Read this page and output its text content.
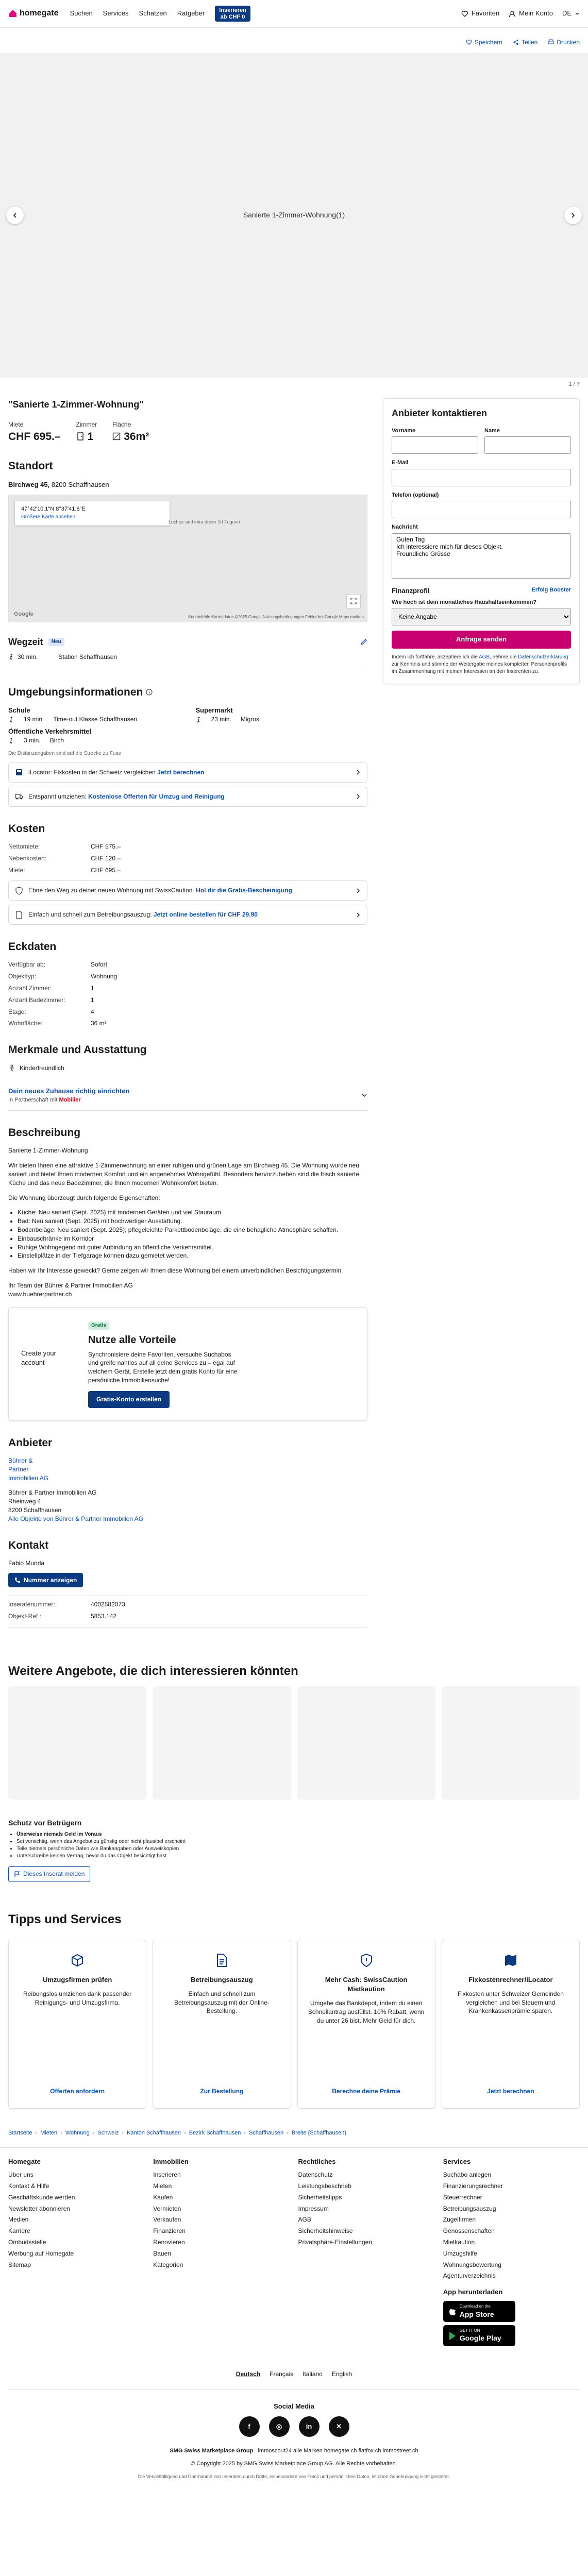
homegate Suchen Services Schätzen Ratgeber	Inserieren
ab CHF 0	Favoriten	Mein Konto DE
Speichern	Teilen	Drucken
Sanierte 1-Zimmer-Wohnung(1)
1 / 7
"Sanierte 1-Zimmer-Wohnung"
Miete
CHF 695.–
Zimmer
1
Fläche
36m²
Standort
Birchweg 45, 8200 Schaffhausen
47°42'10.1"N 8°37'41.8"E
Größere Karte ansehen
Lochter and intra dreier 1d Fugeen
Google	Kurzbefehle Kartendaten ©2025 Google Nutzungsbedingungen Fehler bei Google Maps melden
Wegzeit	Neu
30 min.	Station Schaffhausen
Umgebungsinformationen
Schule
19 min. Time-out Klasse Schaffhausen
Supermarkt
23 min. Migros
Öffentliche Verkehrsmittel
3 min. Birch
Die Distanzangaben sind auf die Strecke zu Fuss
iLocator: Fixkosten in der Schweiz vergleichen Jetzt berechnen
Entspannt umziehen: Kostenlose Offerten für Umzug und Reinigung
Kosten
Nettomiete:	CHF 575.–
Nebenkosten:	CHF 120.–
Miete:	CHF 695.–
Ebne den Weg zu deiner neuen Wohnung mit SwissCaution. Hol dir die Gratis-Bescheinigung
Einfach und schnell zum Betreibungsauszug: Jetzt online bestellen für CHF 29.90
Eckdaten
Verfügbar ab:	Sofort
Objekttyp:	Wohnung
Anzahl Zimmer:	1
Anzahl Badezimmer:	1
Etage:	4
Wohnfläche:	36 m²
Merkmale und Ausstattung
Kinderfreundlich
Dein neues Zuhause richtig einrichten
In Partnerschaft mit Mobilier
Beschreibung

Sanierte 1-Zimmer-Wohnung

Wir bieten Ihnen eine attraktive 1-Zimmerwohnung an einer ruhigen und grünen Lage am Birchweg 45. Die Wohnung wurde neu saniert und bietet Ihnen modernen Komfort und ein angenehmes Wohngefühl. Besonders hervorzuheben sind die frisch sanierte Küche und das neue Badezimmer, die Ihnen modernen Wohnkomfort bieten.

Die Wohnung überzeugt durch folgende Eigenschaften:

• Küche: Neu saniert (Sept. 2025) mit modernen Geräten und viel Stauraum.
• Bad: Neu saniert (Sept. 2025) mit hochwertiger Ausstattung.
• Bodenbeläge: Neu saniert (Sept. 2025); pflegeleichte Parkettbodenbeläge, die eine behagliche Atmosphäre schaffen.
• Einbauschränke im Korridor
• Ruhige Wohngegend mit guter Anbindung an öffentliche Verkehrsmittel.
• Einstellplätze in der Tiefgarage können dazu gemietet werden.

Haben wir Ihr Interesse geweckt? Gerne zeigen wir Ihnen diese Wohnung bei einem unverbindlichen Besichtigungstermin.

Ihr Team der Bührer & Partner Immobilien AG

www.buehrerpartner.ch

Create your account
Gratis
Nutze alle Vorteile

Synchronisiere deine Favoriten, versuche Suchabos und greife nahtlos auf all deine Services zu – egal auf welchem Gerät. Erstelle jetzt dein gratis Konto für eine persönliche Immobiliensuche!

Gratis-Konto erstellen
Anbieter
Bührer &
Partner
Immobilien AG
Bührer & Partner Immobilien AG
Rheinweg 4
8200 Schaffhausen
Alle Objekte von Bührer & Partner Immobilien AG
Kontakt
Fabio Munda
Nummer anzeigen
Inseratenummer:	4002582073
Objekt-Ref.:	5853.142
Anbieter kontaktieren
Vorname	Name
E-Mail
Telefon (optional)
Nachricht
Guten Tag Ich interessiere mich für dieses Objekt. Freundliche Grüsse
Finanzprofil	Erfolg Booster
Wie hoch ist dein monatliches Haushaltseinkommen?
Keine Angabe
Anfrage senden
Indem ich fortfahre, akzeptiere ich die AGB, nehme die Datenschutzerklärung zur Kenntnis und stimme der Weitergabe meines kompletten Personenprofils im Zusammenhang mit meinen Interessen an den Inserenten zu.
Weitere Angebote, die dich interessieren könnten
Schutz vor Betrügern
• Überweise niemals Geld im Voraus
• Sei vorsichtig, wenn das Angebot zu günstig oder nicht plausibel erscheint
• Teile niemals persönliche Daten wie Bankangaben oder Ausweiskopien
• Unterschreibe keinen Vertrag, bevor du das Objekt besichtigt hast
Dieses Inserat melden
Tipps und Services
Umzugsfirmen prüfen

Reibungslos umziehen dank passender Reinigungs- und Umzugsfirma.

Offerten anfordern
Betreibungsauszug

Einfach und schnell zum Betreibungsauszug mit der Online-Bestellung.

Zur Bestellung
Mehr Cash: SwissCaution Mietkaution

Umgehe das Bankdepot, indem du einen Schnellantrag ausfüllst. 10% Rabatt, wenn du unter 26 bist. Mehr Geld für dich.

Berechne deine Prämie
Fixkostenrechner/iLocator

Fixkosten unter Schweizer Gemeinden vergleichen und bei Steuern und Krankenkassenprämie sparen.

Jetzt berechnen
Startseite › Mieten › Wohnung › Schweiz › Kanton Schaffhausen › Bezirk Schaffhausen › Schaffhausen › Breite (Schaffhausen)
Homegate
Über uns
Kontakt & Hilfe
Geschäftskunde werden
Newsletter abonnieren
Medien
Karriere
Ombudsstelle
Werbung auf Homegate
Sitemap
Immobilien
Inserieren
Mieten
Kaufen
Vermieten
Verkaufen
Finanzieren
Renovieren
Bauen
Kategorien
Rechtliches
Datenschutz
Leistungsbeschrieb
Sicherheitstipps
Impressum
AGB
Sicherheitshinweise
Privatsphäre-Einstellungen
Services
Suchabo anlegen
Finanzierungsrechner
Steuerrechner
Betreibungsauszug
Zügelfirmen
Genossenschaften
Mietkaution
Umzugshilfe
Wohnungsbewertung
Agenturverzeichnis
App herunterladen
Download on the
App Store
GET IT ON
Google Play
Deutsch Français Italiano English
Social Media
f	◎	in	✕
SMG Swiss Marketplace Group immoscout24 alle Marken homegate.ch flatfox.ch immostreet.ch
© Copyright 2025 by SMG Swiss Marketplace Group AG. Alle Rechte vorbehalten.
Die Vervielfältigung und Übernahme von Inseraten durch Dritte, insbesondere von Fotos und persönlichen Daten, ist ohne Genehmigung nicht gestattet.
